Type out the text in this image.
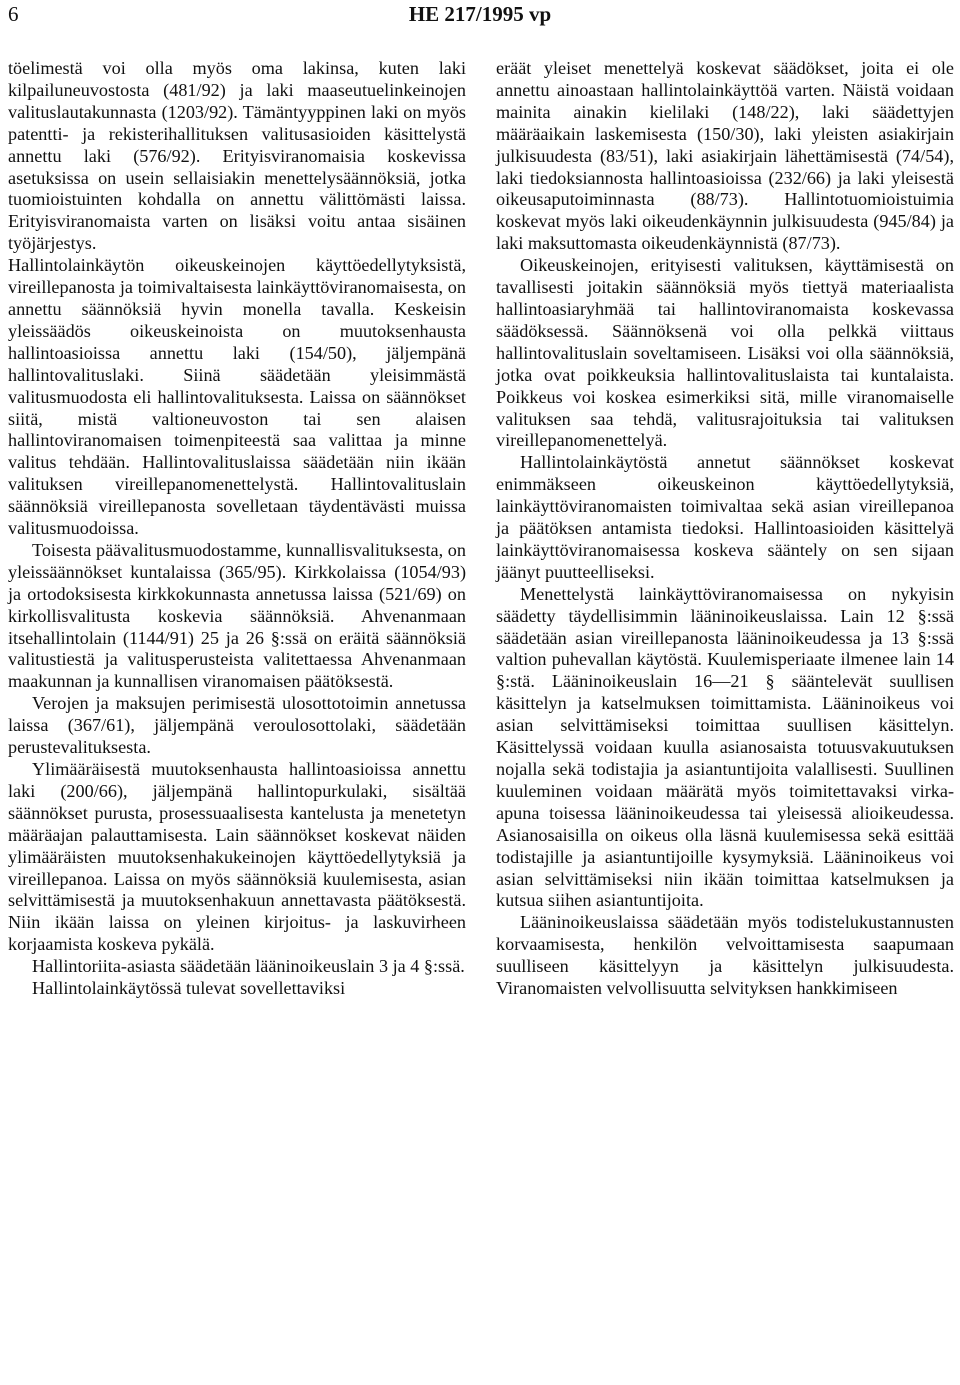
6	HE 217/1995 vp

töelimestä voi olla myös oma lakinsa, kuten laki kilpailuneuvostosta (481/92) ja laki maaseutuelinkeinojen valituslautakunnasta (1203/92). Tämäntyyppinen laki on myös patentti- ja rekisterihallituksen valitusasioiden käsittelystä annettu laki (576/92). Erityisviranomaisia koskevissa asetuksissa on usein sellaisiakin menettelysäännöksiä, jotka tuomioistuinten kohdalla on annettu välittömästi laissa. Erityisviranomaista varten on lisäksi voitu antaa sisäinen työjärjestys.

Hallintolainkäytön oikeuskeinojen käyttöedellytyksistä, vireillepanosta ja toimivaltaisesta lainkäyttöviranomaisesta, on annettu säännöksiä hyvin monella tavalla. Keskeisin yleissäädös oikeuskeinoista on muutoksenhausta hallintoasioissa annettu laki (154/50), jäljempänä hallintovalituslaki. Siinä säädetään yleisimmästä valitusmuodosta eli hallintovalituksesta. Laissa on säännökset siitä, mistä valtioneuvoston tai sen alaisen hallintoviranomaisen toimenpiteestä saa valittaa ja minne valitus tehdään. Hallintovalituslaissa säädetään niin ikään valituksen vireillepanomenettelystä. Hallintovalituslain säännöksiä vireillepanosta sovelletaan täydentävästi muissa valitusmuodoissa.

Toisesta päävalitusmuodostamme, kunnallisvalituksesta, on yleissäännökset kuntalaissa (365/95). Kirkkolaissa (1054/93) ja ortodoksisesta kirkkokunnasta annetussa laissa (521/69) on kirkollisvalitusta koskevia säännöksiä. Ahvenanmaan itsehallintolain (1144/91) 25 ja 26 §:ssä on eräitä säännöksiä valitustiestä ja valitusperusteista valitettaessa Ahvenanmaan maakunnan ja kunnallisen viranomaisen päätöksestä.

Verojen ja maksujen perimisestä ulosottotoimin annetussa laissa (367/61), jäljempänä veroulosottolaki, säädetään perustevalituksesta.

Ylimääräisestä muutoksenhausta hallintoasioissa annettu laki (200/66), jäljempänä hallintopurkulaki, sisältää säännökset purusta, prosessuaalisesta kantelusta ja menetetyn määräajan palauttamisesta. Lain säännökset koskevat näiden ylimääräisten muutoksenhakukeinojen käyttöedellytyksiä ja vireillepanoa. Laissa on myös säännöksiä kuulemisesta, asian selvittämisestä ja muutoksenhakuun annettavasta päätöksestä. Niin ikään laissa on yleinen kirjoitus- ja laskuvirheen korjaamista koskeva pykälä.

Hallintoriita-asiasta säädetään lääninoikeuslain 3 ja 4 §:ssä.

Hallintolainkäytössä tulevat sovellettaviksi

eräät yleiset menettelyä koskevat säädökset, joita ei ole annettu ainoastaan hallintolainkäyttöä varten. Näistä voidaan mainita ainakin kielilaki (148/22), laki säädettyjen määräaikain laskemisesta (150/30), laki yleisten asiakirjain julkisuudesta (83/51), laki asiakirjain lähettämisestä (74/54), laki tiedoksiannosta hallintoasioissa (232/66) ja laki yleisestä oikeusaputoiminnasta (88/73). Hallintotuomioistuimia koskevat myös laki oikeudenkäynnin julkisuudesta (945/84) ja laki maksuttomasta oikeudenkäynnistä (87/73).

Oikeuskeinojen, erityisesti valituksen, käyttämisestä on tavallisesti joitakin säännöksiä myös tiettyä materiaalista hallintoasiaryhmää tai hallintoviranomaista koskevassa säädöksessä. Säännöksenä voi olla pelkkä viittaus hallintovalituslain soveltamiseen. Lisäksi voi olla säännöksiä, jotka ovat poikkeuksia hallintovalituslaista tai kuntalaista. Poikkeus voi koskea esimerkiksi sitä, mille viranomaiselle valituksen saa tehdä, valitusrajoituksia tai valituksen vireillepanomenettelyä.

Hallintolainkäytöstä annetut säännökset koskevat enimmäkseen oikeuskeinon käyttöedellytyksiä, lainkäyttöviranomaisten toimivaltaa sekä asian vireillepanoa ja päätöksen antamista tiedoksi. Hallintoasioiden käsittelyä lainkäyttöviranomaisessa koskeva sääntely on sen sijaan jäänyt puutteelliseksi.

Menettelystä lainkäyttöviranomaisessa on nykyisin säädetty täydellisimmin lääninoikeuslaissa. Lain 12 §:ssä säädetään asian vireillepanosta lääninoikeudessa ja 13 §:ssä valtion puhevallan käytöstä. Kuulemisperiaate ilmenee lain 14 §:stä. Lääninoikeuslain 16—21 § sääntelevät suullisen käsittelyn ja katselmuksen toimittamista. Lääninoikeus voi asian selvittämiseksi toimittaa suullisen käsittelyn. Käsittelyssä voidaan kuulla asianosaista totuusvakuutuksen nojalla sekä todistajia ja asiantuntijoita valallisesti. Suullinen kuuleminen voidaan määrätä myös toimitettavaksi virka-apuna toisessa lääninoikeudessa tai yleisessä alioikeudessa. Asianosaisilla on oikeus olla läsnä kuulemisessa sekä esittää todistajille ja asiantuntijoille kysymyksiä. Lääninoikeus voi asian selvittämiseksi niin ikään toimittaa katselmuksen ja kutsua siihen asiantuntijoita.

Lääninoikeuslaissa säädetään myös todistelukustannusten korvaamisesta, henkilön velvoittamisesta saapumaan suulliseen käsittelyyn ja käsittelyn julkisuudesta. Viranomaisten velvollisuutta selvityksen hankkimiseen
